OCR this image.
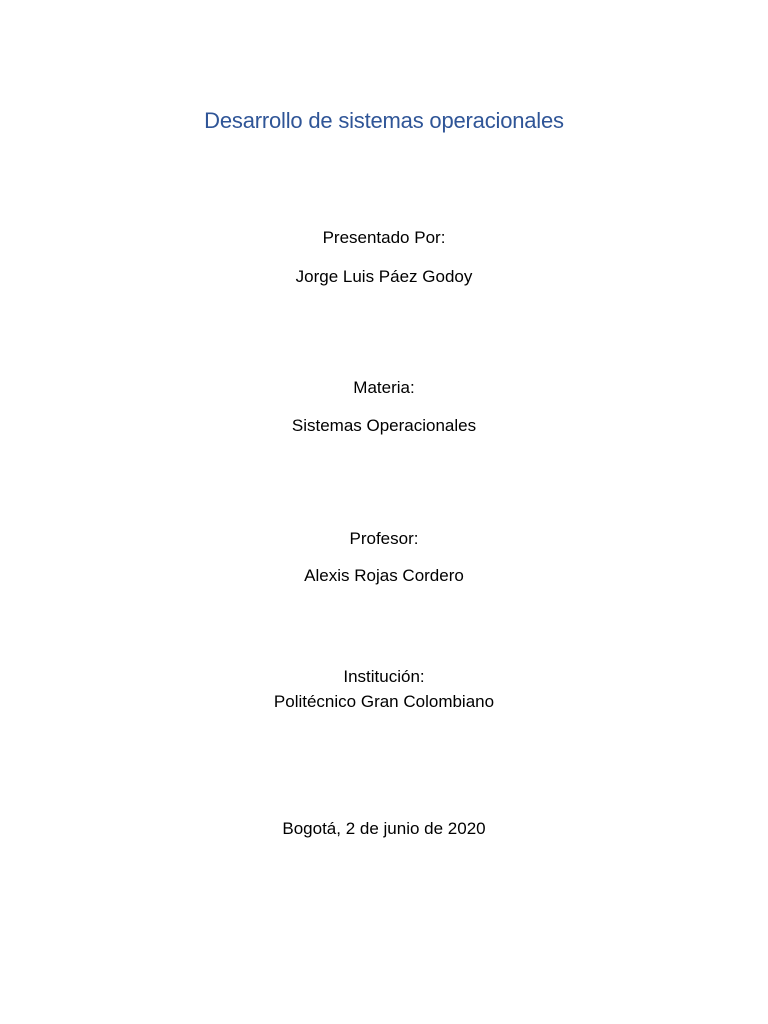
Desarrollo de sistemas operacionales
Presentado Por:
Jorge Luis Páez Godoy
Materia:
Sistemas Operacionales
Profesor:
Alexis Rojas Cordero
Institución:
Politécnico Gran Colombiano
Bogotá, 2 de junio de 2020
